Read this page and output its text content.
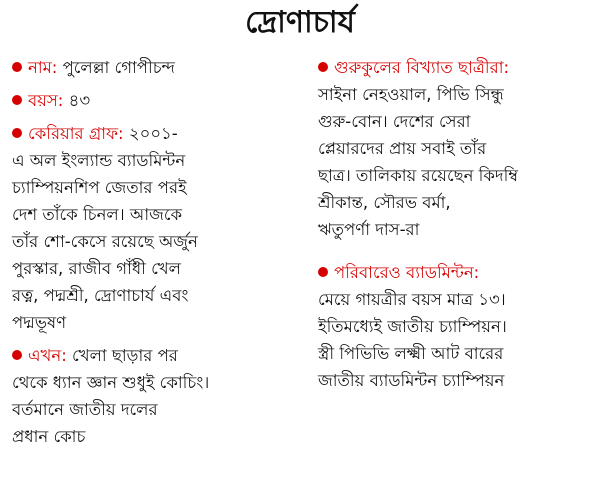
দ্রোণাচার্য
নাম: পুলেল্লা গোপীচন্দ
বয়স: ৪৩
কেরিয়ার গ্রাফ: ২০০১-
এ অল ইংল্যান্ড ব্যাডমিন্টন
চ্যাম্পিয়নশিপ জেতার পরই
দেশ তাঁকে চিনল। আজকে
তাঁর শো-কেসে রয়েছে অর্জুন
পুরস্কার, রাজীব গাঁধী খেল
রত্ন, পদ্মশ্রী, দ্রোণাচার্য এবং
পদ্মভূষণ
এখন: খেলা ছাড়ার পর
থেকে ধ্যান জ্ঞান শুধুই কোচিং।
বর্তমানে জাতীয় দলের
প্রধান কোচ
গুরুকুলের বিখ্যাত ছাত্রীরা:
সাইনা নেহওয়াল, পিভি সিন্ধু
গুরু-বোন। দেশের সেরা
প্লেয়ারদের প্রায় সবাই তাঁর
ছাত্র। তালিকায় রয়েছেন কিদম্বি
শ্রীকান্ত, সৌরভ বর্মা,
ঋতুপর্ণা দাস-রা
পরিবারেও ব্যাডমিন্টন:
মেয়ে গায়ত্রীর বয়স মাত্র ১৩।
ইতিমধ্যেই জাতীয় চ্যাম্পিয়ন।
স্ত্রী পিভিভি লক্ষ্মী আট বারের
জাতীয় ব্যাডমিন্টন চ্যাম্পিয়ন
